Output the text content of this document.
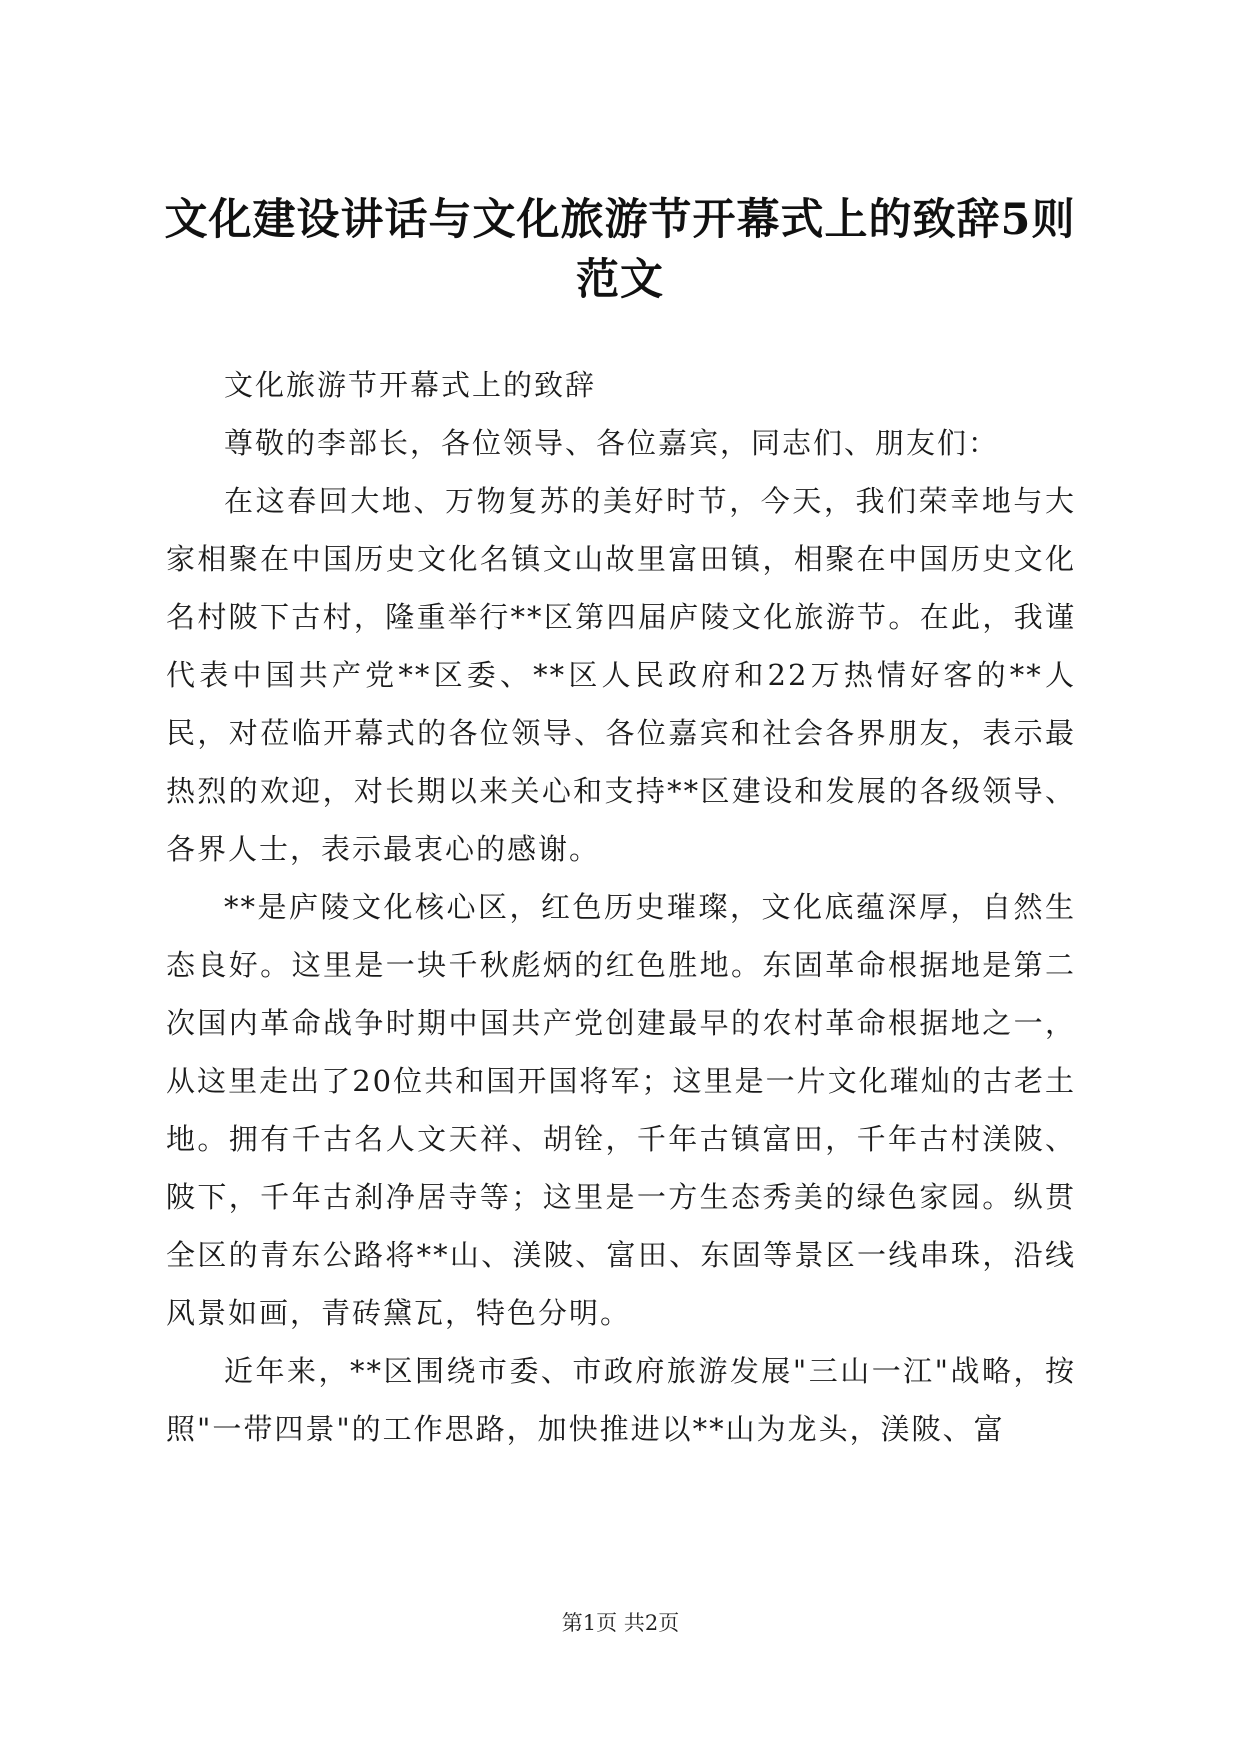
文化建设讲话与文化旅游节开幕式上的致辞5则范文

文化旅游节开幕式上的致辞

尊敬的李部长，各位领导、各位嘉宾，同志们、朋友们：

在这春回大地、万物复苏的美好时节，今天，我们荣幸地与大家相聚在中国历史文化名镇文山故里富田镇，相聚在中国历史文化名村陂下古村，隆重举行**区第四届庐陵文化旅游节。在此，我谨代表中国共产党**区委、**区人民政府和22万热情好客的**人民，对莅临开幕式的各位领导、各位嘉宾和社会各界朋友，表示最热烈的欢迎，对长期以来关心和支持**区建设和发展的各级领导、各界人士，表示最衷心的感谢。

**是庐陵文化核心区，红色历史璀璨，文化底蕴深厚，自然生态良好。这里是一块千秋彪炳的红色胜地。东固革命根据地是第二次国内革命战争时期中国共产党创建最早的农村革命根据地之一，从这里走出了20位共和国开国将军；这里是一片文化璀灿的古老土地。拥有千古名人文天祥、胡铨，千年古镇富田，千年古村渼陂、陂下，千年古刹净居寺等；这里是一方生态秀美的绿色家园。纵贯全区的青东公路将**山、渼陂、富田、东固等景区一线串珠，沿线风景如画，青砖黛瓦，特色分明。

近年来，**区围绕市委、市政府旅游发展"三山一江"战略，按照"一带四景"的工作思路，加快推进以**山为龙头，渼陂、富

第1页 共2页
